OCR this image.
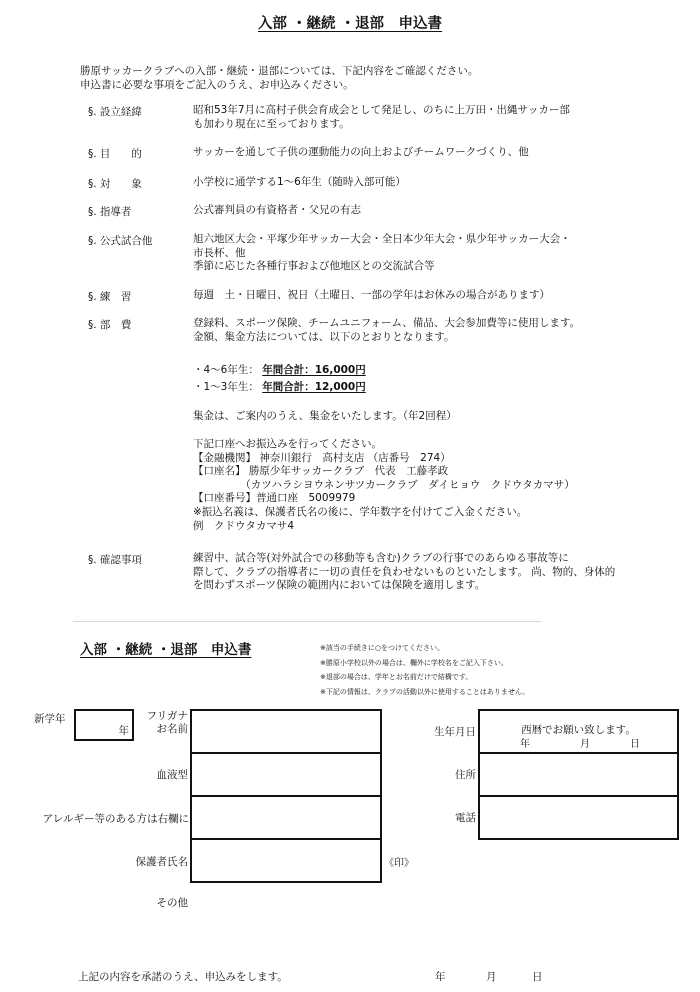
入部 ・継続 ・退部　申込書
勝原サッカークラブへの入部・継続・退部については、下記内容をご確認ください。
申込書に必要な事項をご記入のうえ、お申込みください。
§. 設立経緯	昭和53年7月に高村子供会育成会として発足し、のちに上万田・出縄サッカー部
も加わり現在に至っております。
§. 目　　的	サッカーを通して子供の運動能力の向上およびチームワークづくり、他
§. 対　　象	小学校に通学する1～6年生（随時入部可能）
§. 指導者	公式審判員の有資格者・父兄の有志
§. 公式試合他	旭六地区大会・平塚少年サッカー大会・全日本少年大会・県少年サッカー大会・
市長杯、他
季節に応じた各種行事および他地区との交流試合等
§. 練　習	毎週　土・日曜日、祝日（土曜日、一部の学年はお休みの場合があります）
§. 部　費	登録料、スポーツ保険、チームユニフォーム、備品、大会参加費等に使用します。
金額、集金方法については、以下のとおりとなります。
・4～6年生： 年間合計：16,000円
・1～3年生： 年間合計：12,000円
集金は、ご案内のうえ、集金をいたします。（年2回程）
下記口座へお振込みを行ってください。
【金融機関】 神奈川銀行　高村支店 （店番号　274）
【口座名】 勝原少年サッカークラブ　代表　工藤孝政
　　　　　（カツハラシヨウネンサツカークラブ　ダイヒョウ　クドウタカマサ）
【口座番号】普通口座　5009979
※振込名義は、保護者氏名の後に、学年数字を付けてご入金ください。
例　クドウタカマサ4
§. 確認事項	練習中、試合等(対外試合での移動等も含む)クラブの行事でのあらゆる事故等に
際して、クラブの指導者に一切の責任を負わせないものといたします。 尚、物的、身体的
を問わずスポーツ保険の範囲内においては保険を適用します。
入部 ・継続 ・退部　申込書	※該当の手続きに○をつけてください。
※勝原小学校以外の場合は、欄外に学校名をご記入下さい。
※退部の場合は、学年とお名前だけで結構です。
※下記の情報は、クラブの活動以外に使用することはありません。
新学年
年
フリガナ
お名前
血液型
アレルギー等のある方は右欄に
保護者氏名	《印》
その他
生年月日	西暦でお願い致します。
年	月	日
住所
電話
上記の内容を承諾のうえ、申込みをします。	年	月	日
